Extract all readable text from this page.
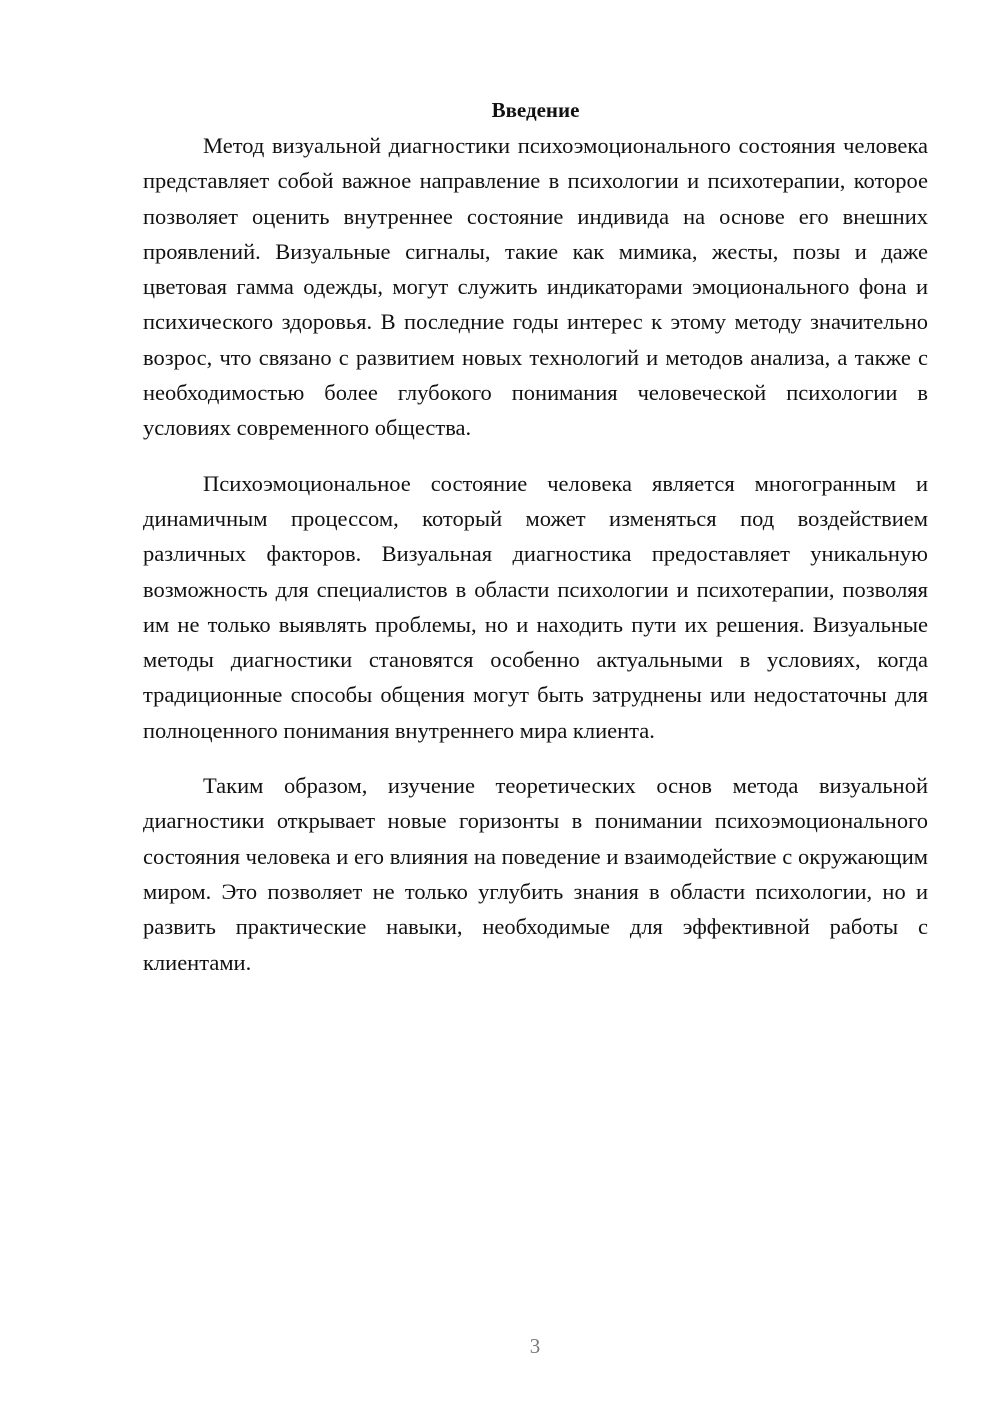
Введение

Метод визуальной диагностики психоэмоционального состояния человека представляет собой важное направление в психологии и психотерапии, которое позволяет оценить внутреннее состояние индивида на основе его внешних проявлений. Визуальные сигналы, такие как мимика, жесты, позы и даже цветовая гамма одежды, могут служить индикаторами эмоционального фона и психического здоровья. В последние годы интерес к этому методу значительно возрос, что связано с развитием новых технологий и методов анализа, а также с необходимостью более глубокого понимания человеческой психологии в условиях современного общества.

Психоэмоциональное состояние человека является многогранным и динамичным процессом, который может изменяться под воздействием различных факторов. Визуальная диагностика предоставляет уникальную возможность для специалистов в области психологии и психотерапии, позволяя им не только выявлять проблемы, но и находить пути их решения. Визуальные методы диагностики становятся особенно актуальными в условиях, когда традиционные способы общения могут быть затруднены или недостаточны для полноценного понимания внутреннего мира клиента.

Таким образом, изучение теоретических основ метода визуальной диагностики открывает новые горизонты в понимании психоэмоционального состояния человека и его влияния на поведение и взаимодействие с окружающим миром. Это позволяет не только углубить знания в области психологии, но и развить практические навыки, необходимые для эффективной работы с клиентами.

3
